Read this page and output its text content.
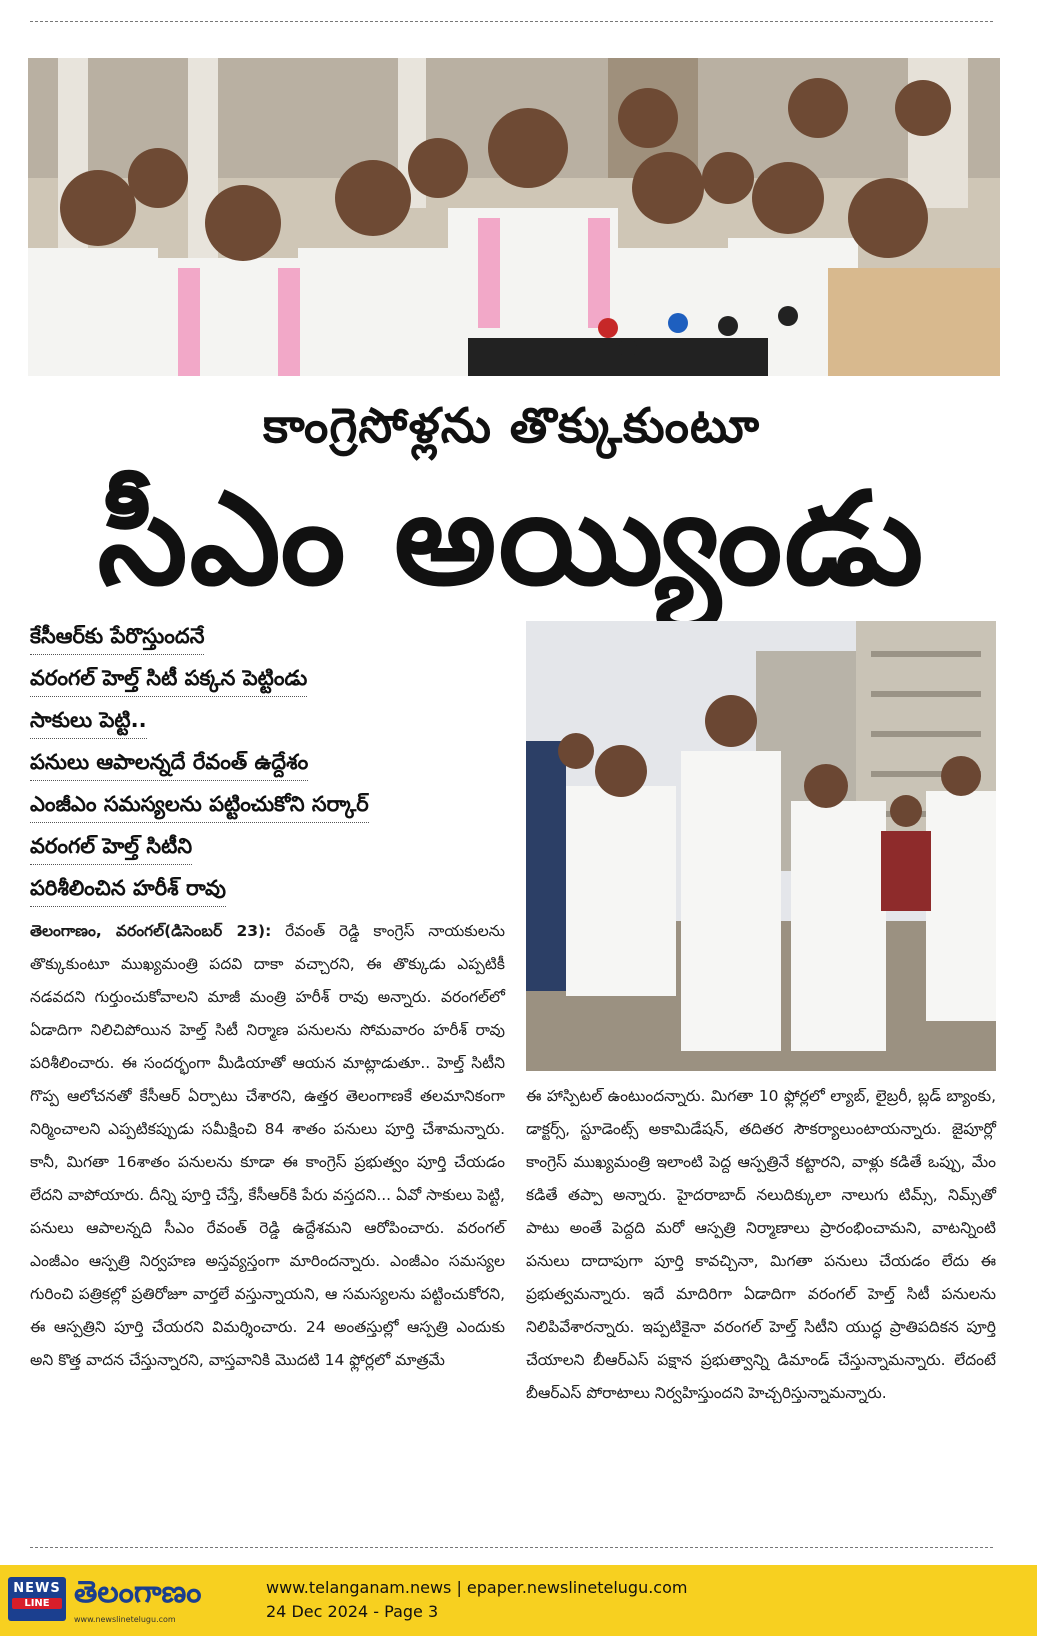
కాంగ్రెసోళ్లను తొక్కుకుంటూ
సీఎం అయ్యిండు
కేసీఆర్‌కు పేరొస్తుందనే
వరంగల్ హెల్త్ సిటీ పక్కన పెట్టిండు
సాకులు పెట్టి..
పనులు ఆపాలన్నదే రేవంత్ ఉద్దేశం
ఎంజీఎం సమస్యలను పట్టించుకోని సర్కార్
వరంగల్ హెల్త్ సిటీని
పరిశీలించిన హరీశ్ రావు
తెలంగాణం, వరంగల్(డిసెంబర్ 23): రేవంత్ రెడ్డి కాంగ్రెస్ నాయకులను తొక్కుకుంటూ ముఖ్యమంత్రి పదవి దాకా వచ్చారని, ఈ తొక్కుడు ఎప్పటికీ నడవదని గుర్తుంచుకోవాలని మాజీ మంత్రి హరీశ్ రావు అన్నారు. వరంగల్‌లో ఏడాదిగా నిలిచిపోయిన హెల్త్ సిటీ నిర్మాణ పనులను సోమవారం హరీశ్ రావు పరిశీలించారు. ఈ సందర్భంగా మీడియాతో ఆయన మాట్లాడుతూ.. హెల్త్ సిటీని గొప్ప ఆలోచనతో కేసీఆర్ ఏర్పాటు చేశారని, ఉత్తర తెలంగాణకే తలమానికంగా నిర్మించాలని ఎప్పటికప్పుడు సమీక్షించి 84 శాతం పనులు పూర్తి చేశామన్నారు. కానీ, మిగతా 16శాతం పనులను కూడా ఈ కాంగ్రెస్ ప్రభుత్వం పూర్తి చేయడం లేదని వాపోయారు. దీన్ని పూర్తి చేస్తే, కేసీఆర్‌కి పేరు వస్తదని... ఏవో సాకులు పెట్టి, పనులు ఆపాలన్నది సీఎం రేవంత్ రెడ్డి ఉద్దేశమని ఆరోపించారు. వరంగల్ ఎంజీఎం ఆస్పత్రి నిర్వహణ అస్తవ్యస్తంగా మారిందన్నారు. ఎంజీఎం సమస్యల గురించి పత్రికల్లో ప్రతిరోజూ వార్తలే వస్తున్నాయని, ఆ సమస్యలను పట్టించుకోరని, ఈ ఆస్పత్రిని పూర్తి చేయరని విమర్శించారు. 24 అంతస్తుల్లో ఆస్పత్రి ఎందుకు అని కొత్త వాదన చేస్తున్నారని, వాస్తవానికి మొదటి 14 ఫ్లోర్లలో మాత్రమే
ఈ హాస్పిటల్ ఉంటుందన్నారు. మిగతా 10 ఫ్లోర్లలో ల్యాబ్, లైబ్రరీ, బ్లడ్ బ్యాంకు, డాక్టర్స్, స్టూడెంట్స్ అకామిడేషన్, తదితర సౌకర్యాలుంటాయన్నారు. జైపూర్లో కాంగ్రెస్ ముఖ్యమంత్రి ఇలాంటి పెద్ద ఆస్పత్రినే కట్టారని, వాళ్లు కడితే ఒప్పు, మేం కడితే తప్పా అన్నారు. హైదరాబాద్ నలుదిక్కులా నాలుగు టిమ్స్, నిమ్స్‌తో పాటు అంతే పెద్దది మరో ఆస్పత్రి నిర్మాణాలు ప్రారంభించామని, వాటన్నింటి పనులు దాదాపుగా పూర్తి కావచ్చినా, మిగతా పనులు చేయడం లేదు ఈ ప్రభుత్వమన్నారు. ఇదే మాదిరిగా ఏడాదిగా వరంగల్ హెల్త్ సిటీ పనులను నిలిపివేశారన్నారు. ఇప్పటికైనా వరంగల్ హెల్త్ సిటీని యుద్ధ ప్రాతిపదికన పూర్తి చేయాలని బీఆర్ఎస్ పక్షాన ప్రభుత్వాన్ని డిమాండ్ చేస్తున్నామన్నారు. లేదంటే బీఆర్ఎస్ పోరాటాలు నిర్వహిస్తుందని హెచ్చరిస్తున్నామన్నారు.
NEWS
LINE తెలంగాణం
www.newslinetelugu.com
www.telanganam.news | epaper.newslinetelugu.com
24 Dec 2024 - Page 3
